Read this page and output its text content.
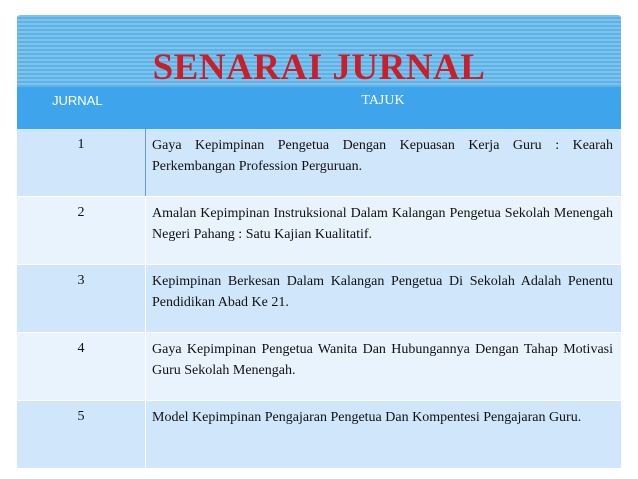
JURNAL	TAJUK
1	Gaya Kepimpinan Pengetua Dengan Kepuasan Kerja Guru : Kearah Perkembangan Profession Perguruan.
2	Amalan Kepimpinan Instruksional Dalam Kalangan Pengetua Sekolah Menengah Negeri Pahang : Satu Kajian Kualitatif.
3	Kepimpinan Berkesan Dalam Kalangan Pengetua Di Sekolah Adalah Penentu Pendidikan Abad Ke 21.
4	Gaya Kepimpinan Pengetua Wanita Dan Hubungannya Dengan Tahap Motivasi Guru Sekolah Menengah.
5	Model Kepimpinan Pengajaran Pengetua Dan Kompentesi Pengajaran Guru.
SENARAI JURNAL
